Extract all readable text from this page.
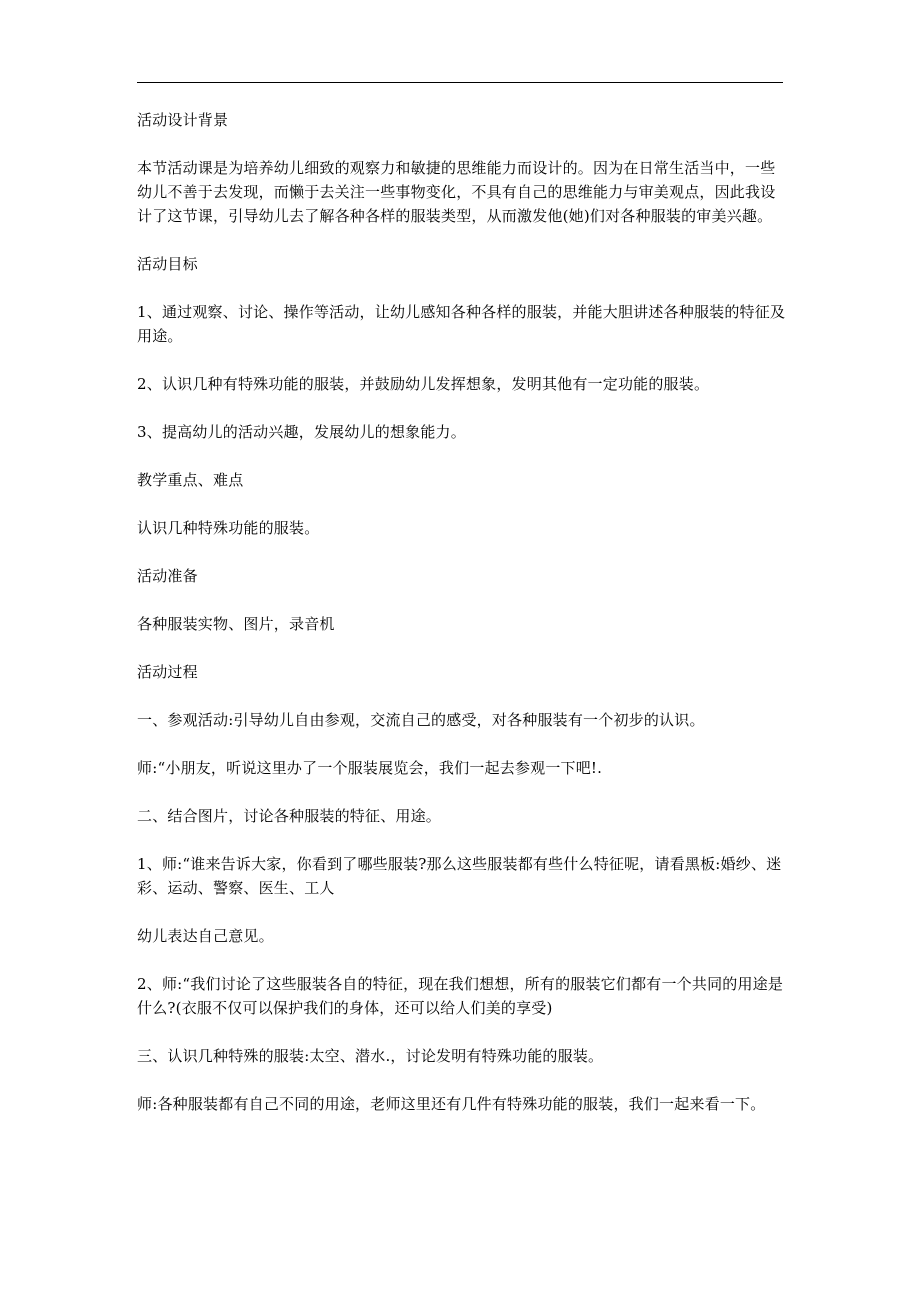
活动设计背景

本节活动课是为培养幼儿细致的观察力和敏捷的思维能力而设计的。因为在日常生活当中，一些幼儿不善于去发现，而懒于去关注一些事物变化，不具有自己的思维能力与审美观点，因此我设计了这节课，引导幼儿去了解各种各样的服装类型，从而激发他(她)们对各种服装的审美兴趣。

活动目标

1、通过观察、讨论、操作等活动，让幼儿感知各种各样的服装，并能大胆讲述各种服装的特征及用途。

2、认识几种有特殊功能的服装，并鼓励幼儿发挥想象，发明其他有一定功能的服装。

3、提高幼儿的活动兴趣，发展幼儿的想象能力。

教学重点、难点

认识几种特殊功能的服装。

活动准备

各种服装实物、图片，录音机

活动过程

一、参观活动:引导幼儿自由参观，交流自己的感受，对各种服装有一个初步的认识。

师:“小朋友，听说这里办了一个服装展览会，我们一起去参观一下吧!.

二、结合图片，讨论各种服装的特征、用途。

1、师:“谁来告诉大家，你看到了哪些服装?那么这些服装都有些什么特征呢，请看黑板:婚纱、迷彩、运动、警察、医生、工人

幼儿表达自己意见。

2、师:“我们讨论了这些服装各自的特征，现在我们想想，所有的服装它们都有一个共同的用途是什么?(衣服不仅可以保护我们的身体，还可以给人们美的享受)

三、认识几种特殊的服装:太空、潜水.，讨论发明有特殊功能的服装。

师:各种服装都有自己不同的用途，老师这里还有几件有特殊功能的服装，我们一起来看一下。
